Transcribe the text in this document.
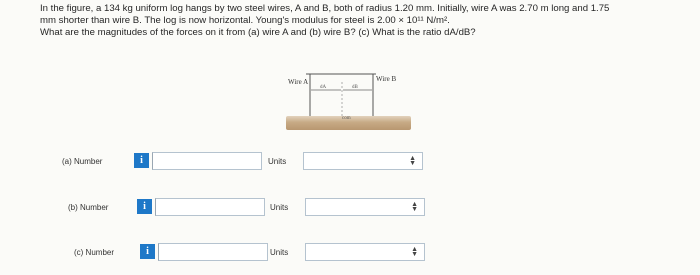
In the figure, a 134 kg uniform log hangs by two steel wires, A and B, both of radius 1.20 mm. Initially, wire A was 2.70 m long and 1.75

mm shorter than wire B. The log is now horizontal. Young's modulus for steel is 2.00 × 10¹¹ N/m².

What are the magnitudes of the forces on it from (a) wire A and (b) wire B? (c) What is the ratio dA/dB?

Wire A	Wire B
dA	dB
com
(a) Number	i	Units	▲
▼
(b) Number	i	Units	▲
▼
(c) Number	i	Units	▲
▼
